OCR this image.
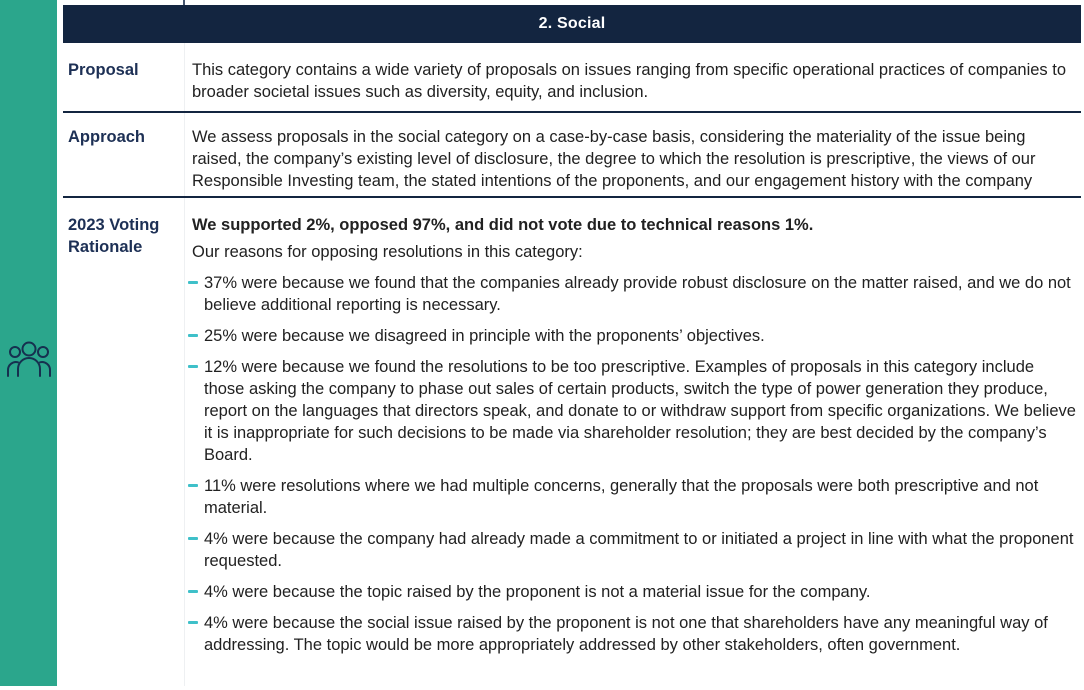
2. Social
Proposal	This category contains a wide variety of proposals on issues ranging from specific operational practices of companies to broader societal issues such as diversity, equity, and inclusion.
Approach	We assess proposals in the social category on a case-by-case basis, considering the materiality of the issue being raised, the company’s existing level of disclosure, the degree to which the resolution is prescriptive, the views of our Responsible Investing team, the stated intentions of the proponents, and our engagement history with the company
2023 Voting Rationale
We supported 2%, opposed 97%, and did not vote due to technical reasons 1%.
Our reasons for opposing resolutions in this category:
37% were because we found that the companies already provide robust disclosure on the matter raised, and we do not believe additional reporting is necessary.
25% were because we disagreed in principle with the proponents’ objectives.
12% were because we found the resolutions to be too prescriptive. Examples of proposals in this category include those asking the company to phase out sales of certain products, switch the type of power generation they produce, report on the languages that directors speak, and donate to or withdraw support from specific organizations. We believe it is inappropriate for such decisions to be made via shareholder resolution; they are best decided by the company’s Board.
11% were resolutions where we had multiple concerns, generally that the proposals were both prescriptive and not material.
4% were because the company had already made a commitment to or initiated a project in line with what the proponent requested.
4% were because the topic raised by the proponent is not a material issue for the company.
4% were because the social issue raised by the proponent is not one that shareholders have any meaningful way of addressing. The topic would be more appropriately addressed by other stakeholders, often government.
